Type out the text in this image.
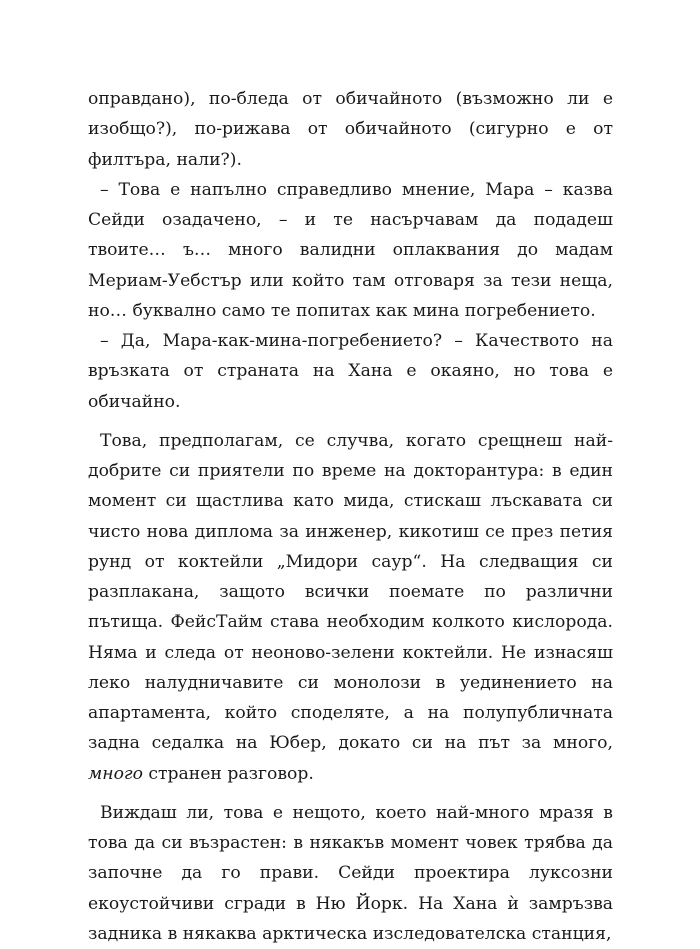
оправдано), по-бледа от обичайното (възможно ли е изобщо?), по-рижава от обичайното (сигурно е от филтъра, нали?).

– Това е напълно справедливо мнение, Мара – казва Сейди озадачено, – и те насърчавам да подадеш твоите… ъ… много валидни оплаквания до мадам Мериам-Уебстър или който там отговаря за тези неща, но… буквално само те попитах как мина погребението.

– Да, Мара-как-мина-погребението? – Качеството на връзката от страната на Хана е окаяно, но това е обичайно.

Това, предполагам, се случва, когато срещнеш най-добрите си приятели по време на докторантура: в един момент си щастлива като мида, стискаш лъскавата си чисто нова диплома за инженер, кикотиш се през петия рунд от коктейли „Мидори саур“. На следващия си разплакана, защото всички поемате по различни пътища. ФейсТайм става необходим колкото кислорода. Няма и следа от неоново-зелени коктейли. Не изнасяш леко налудничавите си монолози в уединението на апартамента, който споделяте, а на полупубличната задна седалка на Юбер, докато си на път за много, много странен разговор.

Виждаш ли, това е нещото, което най-много мразя в това да си възрастен: в някакъв момент човек трябва да започне да го прави. Сейди проектира луксозни екоустойчиви сгради в Ню Йорк. На Хана ѝ замръзва задника в някаква арктическа изследователска станция,
